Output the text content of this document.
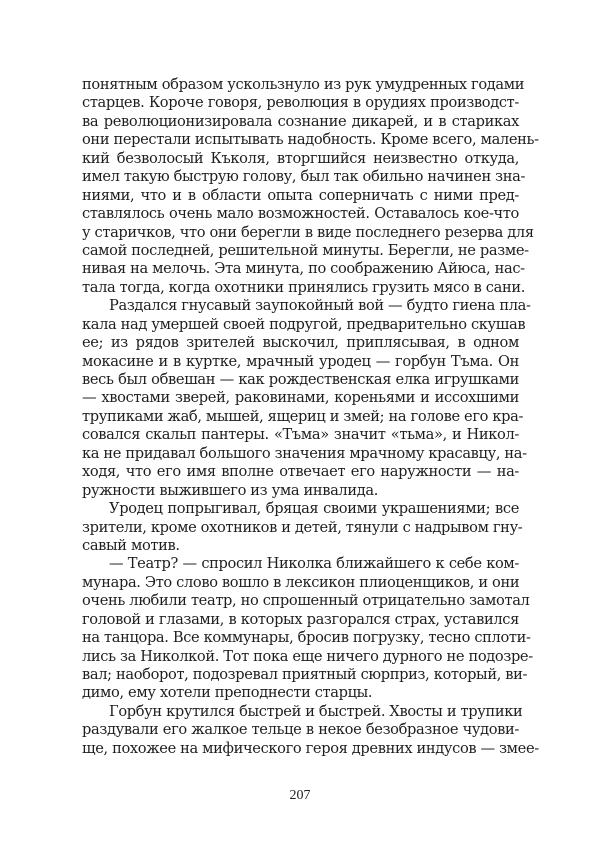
понятным образом ускользнуло из рук умудренных годами
старцев. Короче говоря, революция в орудиях производст-
ва революционизировала сознание дикарей, и в стариках
они перестали испытывать надобность. Кроме всего, малень-
кий безволосый Къколя, вторгшийся неизвестно откуда,
имел такую быструю голову, был так обильно начинен зна-
ниями, что и в области опыта соперничать с ними пред-
ставлялось очень мало возможностей. Оставалось кое-что
у старичков, что они берегли в виде последнего резерва для
самой последней, решительной минуты. Берегли, не разме-
нивая на мелочь. Эта минута, по соображению Айюса, нас-
тала тогда, когда охотники принялись грузить мясо в сани.
Раздался гнусавый заупокойный вой — будто гиена пла-
кала над умершей своей подругой, предварительно скушав
ее; из рядов зрителей выскочил, приплясывая, в одном
мокасине и в куртке, мрачный уродец — горбун Тъма. Он
весь был обвешан — как рождественская елка игрушками
— хвостами зверей, раковинами, кореньями и иссохшими
трупиками жаб, мышей, ящериц и змей; на голове его кра-
совался скальп пантеры. «Тъма» значит «тьма», и Никол-
ка не придавал большого значения мрачному красавцу, на-
ходя, что его имя вполне отвечает его наружности — на-
ружности выжившего из ума инвалида.
Уродец попрыгивал, бряцая своими украшениями; все
зрители, кроме охотников и детей, тянули с надрывом гну-
савый мотив.
— Театр? — спросил Николка ближайшего к себе ком-
мунара. Это слово вошло в лексикон плиоценщиков, и они
очень любили театр, но спрошенный отрицательно замотал
головой и глазами, в которых разгорался страх, уставился
на танцора. Все коммунары, бросив погрузку, тесно сплоти-
лись за Николкой. Тот пока еще ничего дурного не подозре-
вал; наоборот, подозревал приятный сюрприз, который, ви-
димо, ему хотели преподнести старцы.
Горбун крутился быстрей и быстрей. Хвосты и трупики
раздували его жалкое тельце в некое безобразное чудови-
ще, похожее на мифического героя древних индусов — змее-
207
